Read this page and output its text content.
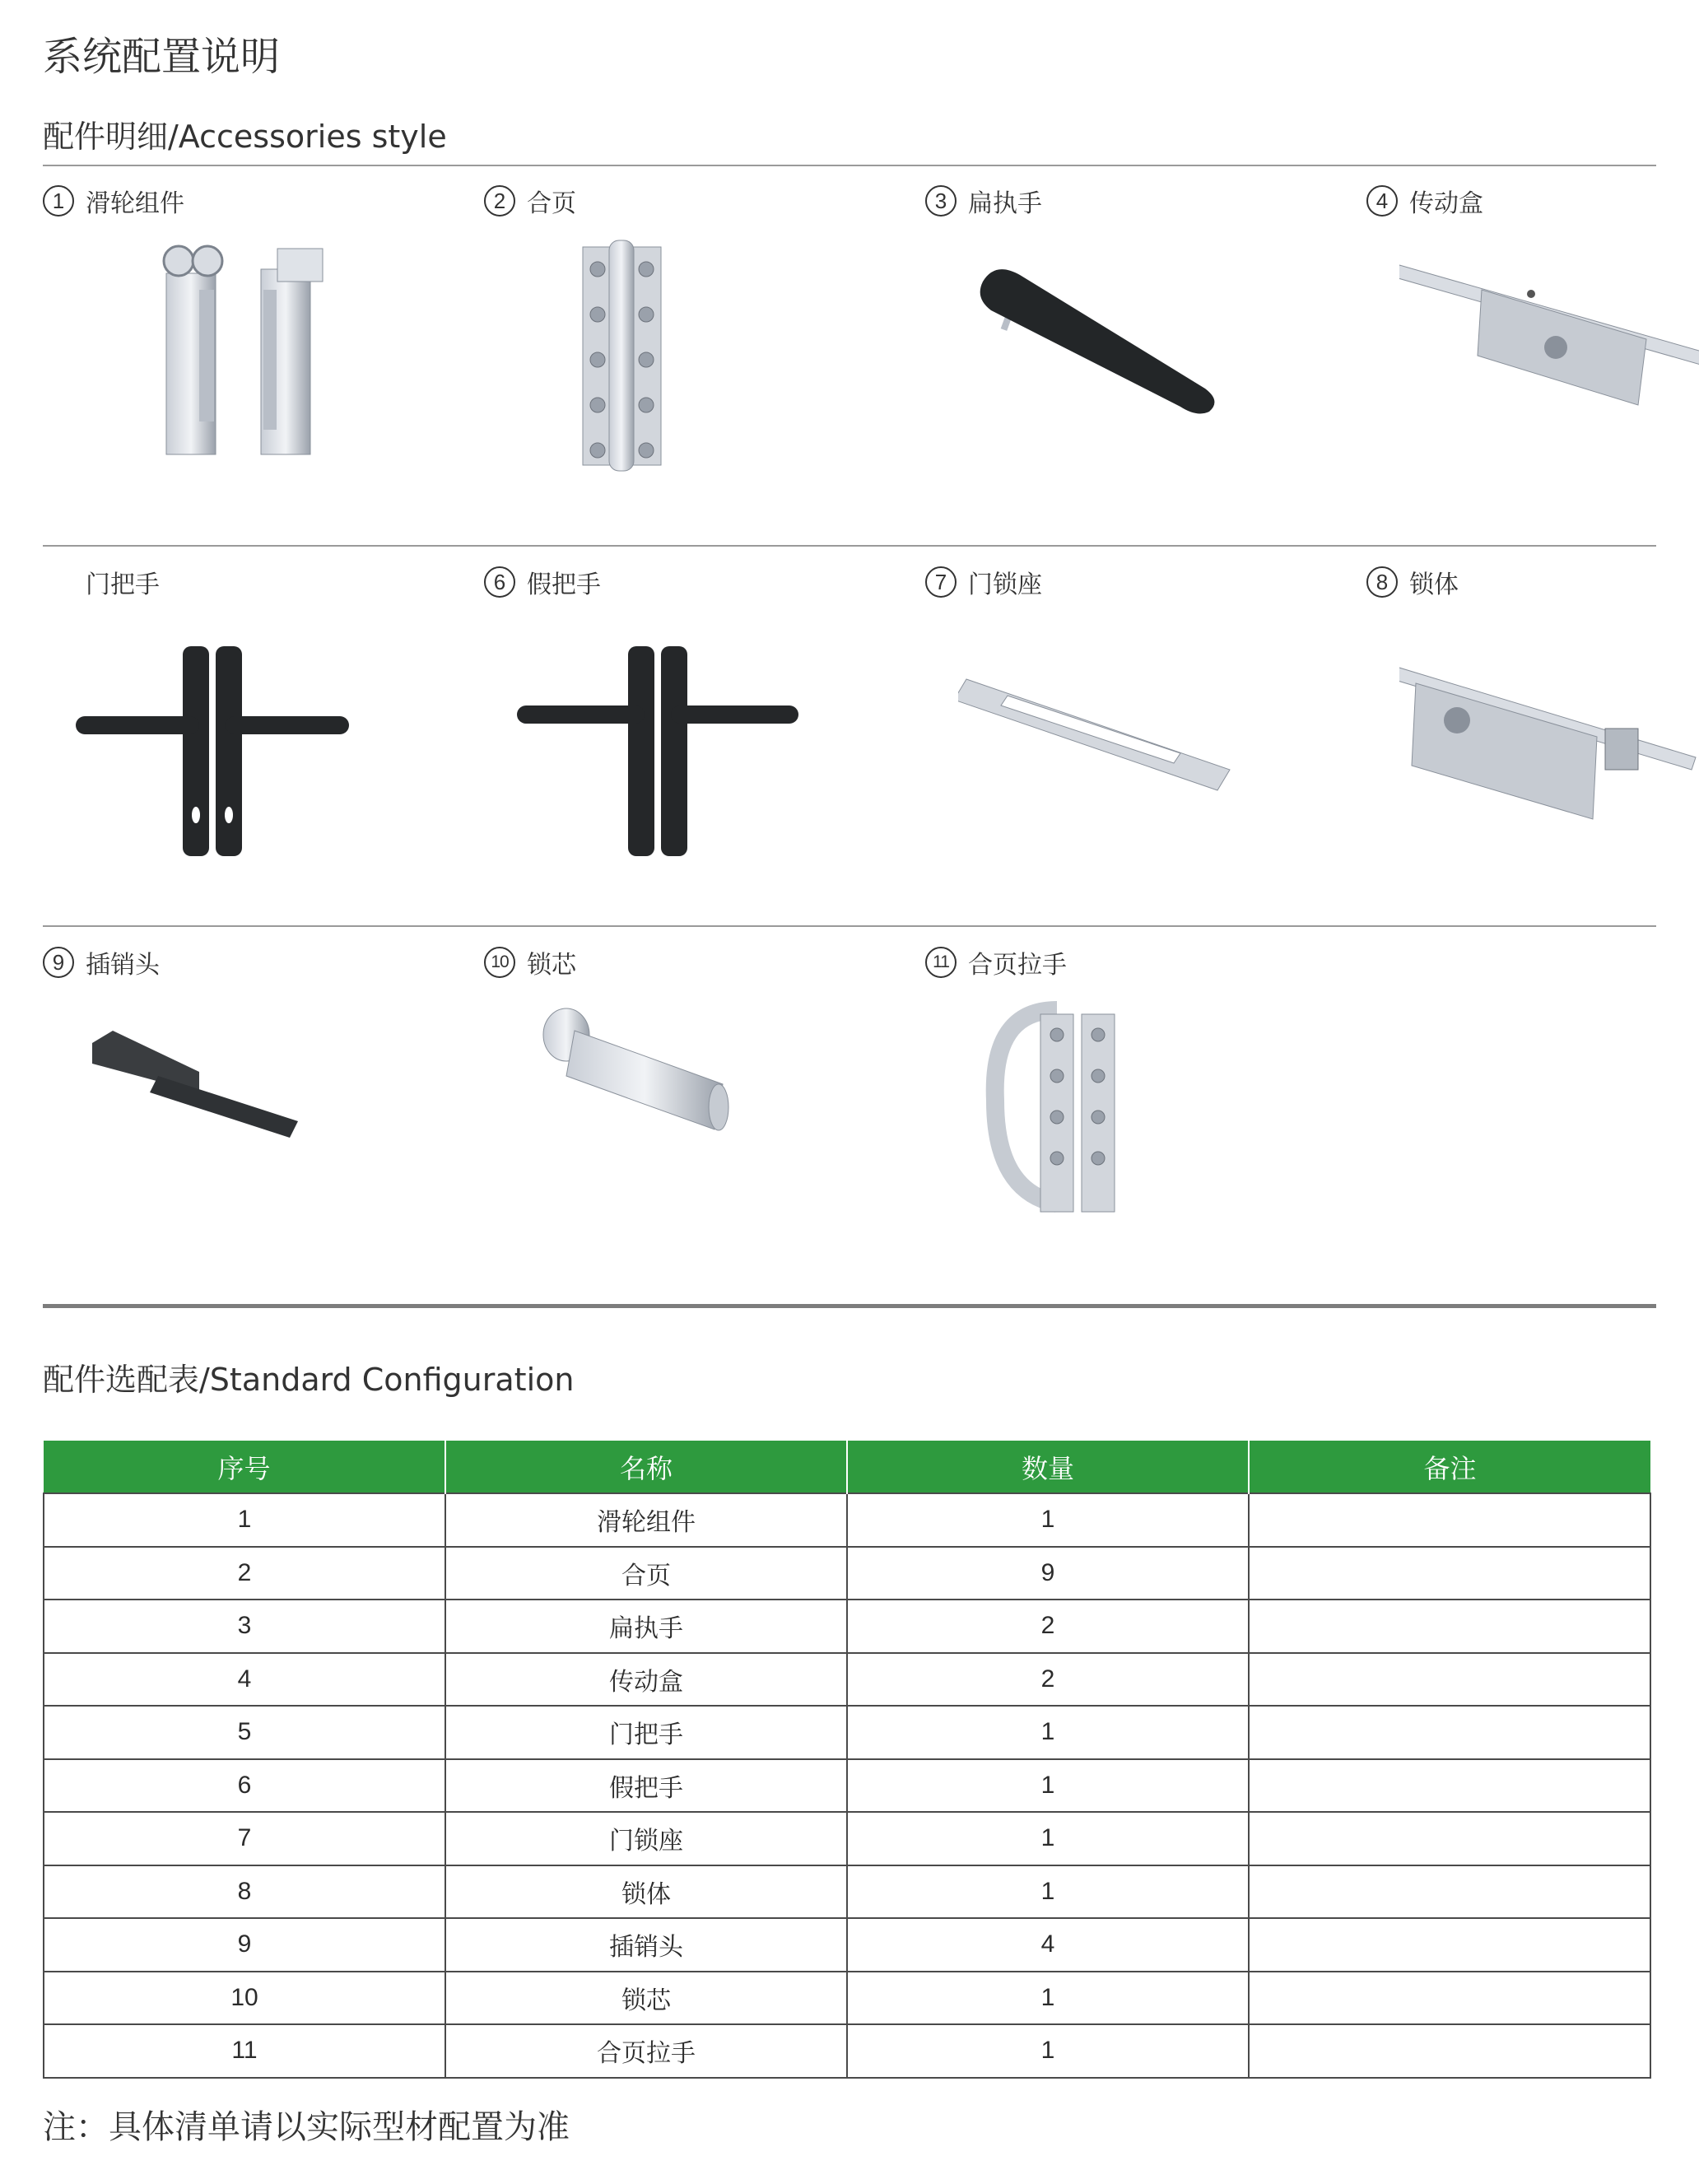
系统配置说明
配件明细/Accessories style
1 滑轮组件	2 合页	3 扁执手	4 传动盒
门把手	6 假把手	7 门锁座	8 锁体
9 插销头	10 锁芯	11 合页拉手
配件选配表/Standard Configuration
序号	名称	数量	备注
1	滑轮组件	1	
2	合页	9	
3	扁执手	2	
4	传动盒	2	
5	门把手	1	
6	假把手	1	
7	门锁座	1	
8	锁体	1	
9	插销头	4	
10	锁芯	1	
11	合页拉手	1	
注：具体清单请以实际型材配置为准
